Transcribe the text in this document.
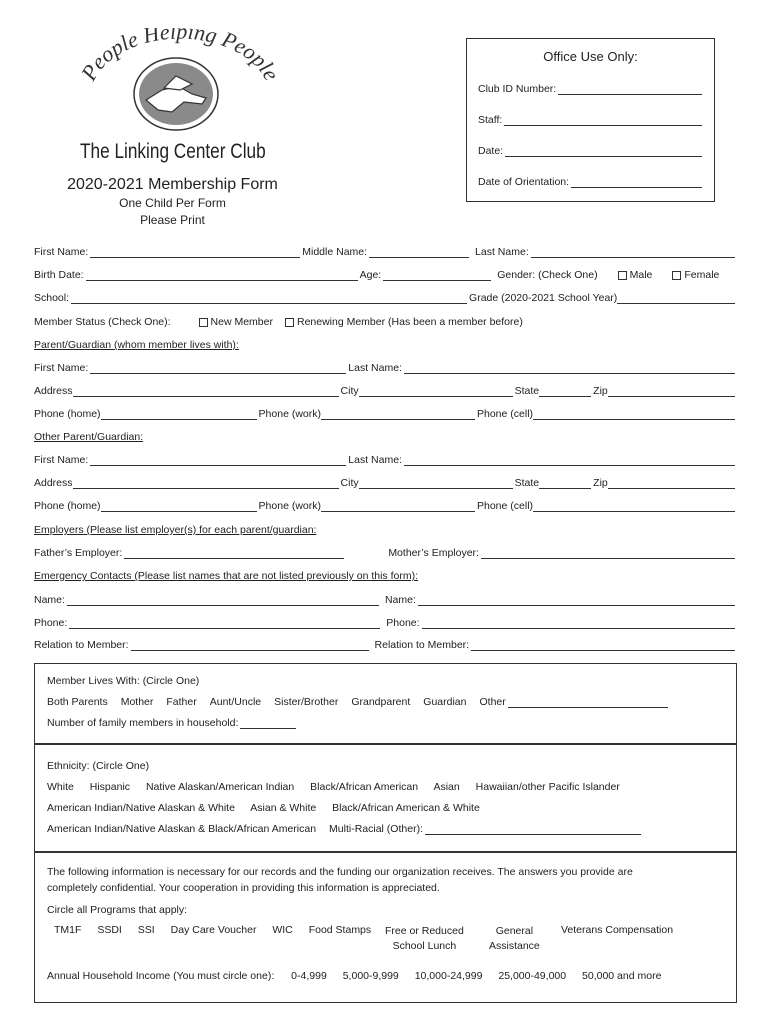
eople Helping Peopl
The Linking Center Club
2020-2021 Membership Form
One Child Per Form
Please Print
Office Use Only:
Club ID Number:
Staff:
Date:
Date of Orientation:
First Name:	Middle Name:	Last Name:
Birth Date:	Age:	Gender: (Check One)	Male	Female
School:	Grade (2020-2021 School Year)
Member Status (Check One):	New Member Renewing Member (Has been a member before)
Parent/Guardian (whom member lives with):
First Name:	Last Name:
Address	City	State	Zip
Phone (home)	Phone (work)	Phone (cell)
Other Parent/Guardian:
First Name:	Last Name:
Address	City	State	Zip
Phone (home)	Phone (work)	Phone (cell)
Employers (Please list employer(s) for each parent/guardian:
Father’s Employer:	Mother’s Employer:
Emergency Contacts (Please list names that are not listed previously on this form):
Name:	Name:
Phone:	Phone:
Relation to Member:	Relation to Member:
Member Lives With: (Circle One)
Both Parents Mother Father Aunt/Uncle Sister/Brother Grandparent Guardian Other
Number of family members in household:
Ethnicity: (Circle One)
White Hispanic Native Alaskan/American Indian Black/African American Asian Hawaiian/other Pacific Islander
American Indian/Native Alaskan & White Asian & White Black/African American & White
American Indian/Native Alaskan & Black/African American Multi-Racial (Other):
The following information is necessary for our records and the funding our organization receives. The answers you provide are
completely confidential. Your cooperation in providing this information is appreciated.
Circle all Programs that apply:
TM1F SSDI SSI Day Care Voucher WIC Food Stamps	Free or Reduced
School Lunch
General
Assistance
Veterans Compensation
Annual Household Income (You must circle one): 0-4,999 5,000-9,999 10,000-24,999 25,000-49,000 50,000 and more
